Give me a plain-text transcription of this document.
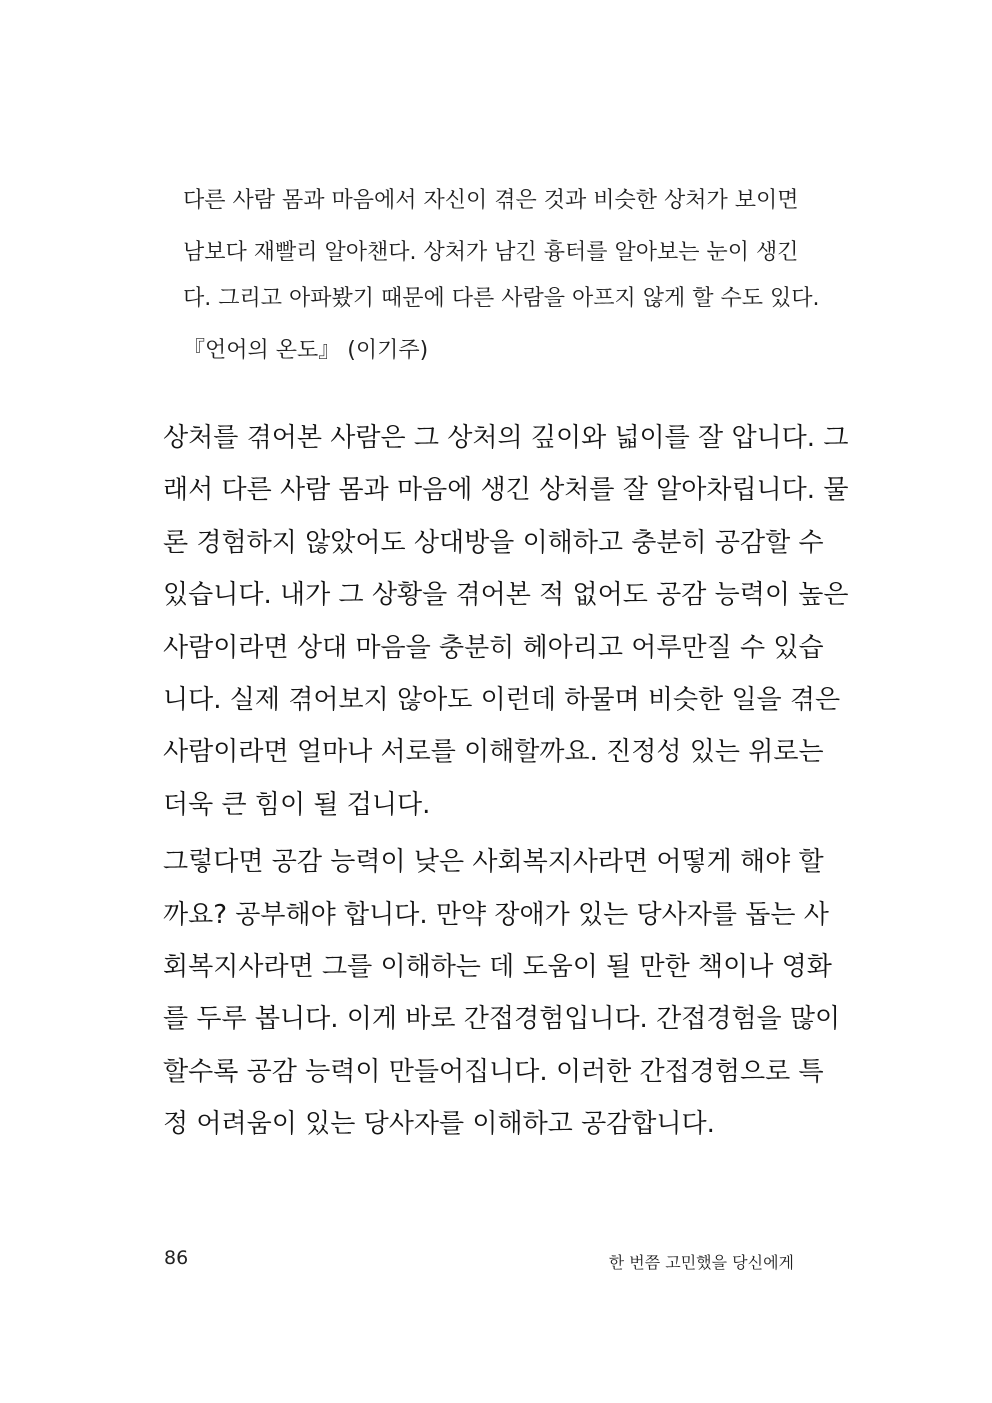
다른 사람 몸과 마음에서 자신이 겪은 것과 비슷한 상처가 보이면
남보다 재빨리 알아챈다. 상처가 남긴 흉터를 알아보는 눈이 생긴
다. 그리고 아파봤기 때문에 다른 사람을 아프지 않게 할 수도 있다.
『언어의 온도』 (이기주)
상처를 겪어본 사람은 그 상처의 깊이와 넓이를 잘 압니다. 그
래서 다른 사람 몸과 마음에 생긴 상처를 잘 알아차립니다. 물
론 경험하지 않았어도 상대방을 이해하고 충분히 공감할 수
있습니다. 내가 그 상황을 겪어본 적 없어도 공감 능력이 높은
사람이라면 상대 마음을 충분히 헤아리고 어루만질 수 있습
니다. 실제 겪어보지 않아도 이런데 하물며 비슷한 일을 겪은
사람이라면 얼마나 서로를 이해할까요. 진정성 있는 위로는
더욱 큰 힘이 될 겁니다.
그렇다면 공감 능력이 낮은 사회복지사라면 어떻게 해야 할
까요? 공부해야 합니다. 만약 장애가 있는 당사자를 돕는 사
회복지사라면 그를 이해하는 데 도움이 될 만한 책이나 영화
를 두루 봅니다. 이게 바로 간접경험입니다. 간접경험을 많이
할수록 공감 능력이 만들어집니다. 이러한 간접경험으로 특
정 어려움이 있는 당사자를 이해하고 공감합니다.
86	한 번쯤 고민했을 당신에게
